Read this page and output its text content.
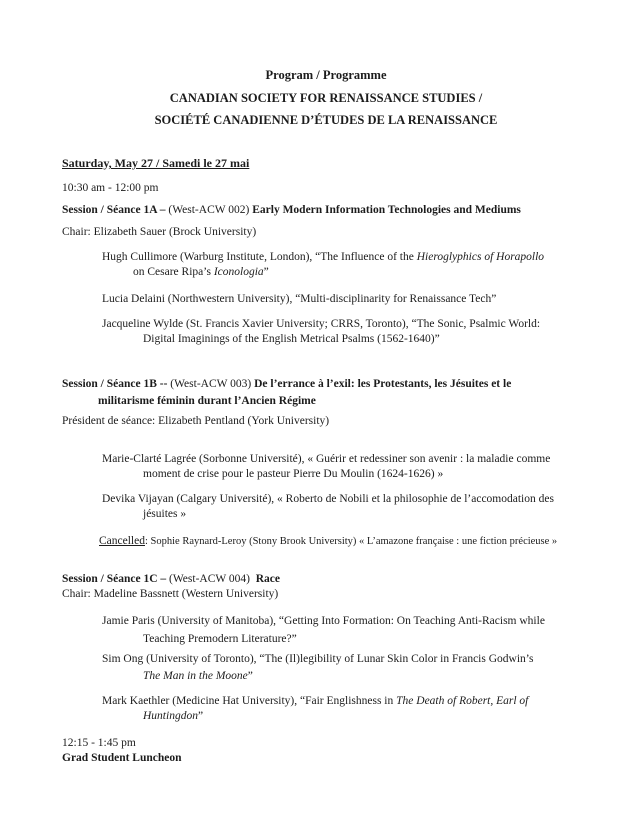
Program / Programme
CANADIAN SOCIETY FOR RENAISSANCE STUDIES /
SOCIÉTÉ CANADIENNE D’ÉTUDES DE LA RENAISSANCE
Saturday, May 27 / Samedi le 27 mai
10:30 am - 12:00 pm
Session / Séance 1A – (West-ACW 002) Early Modern Information Technologies and Mediums
Chair: Elizabeth Sauer (Brock University)
Hugh Cullimore (Warburg Institute, London), “The Influence of the Hieroglyphics of Horapollo
on Cesare Ripa’s Iconologia”
Lucia Delaini (Northwestern University), “Multi-disciplinarity for Renaissance Tech”
Jacqueline Wylde (St. Francis Xavier University; CRRS, Toronto), “The Sonic, Psalmic World:
Digital Imaginings of the English Metrical Psalms (1562-1640)”
Session / Séance 1B -- (West-ACW 003) De l’errance à l’exil: les Protestants, les Jésuites et le
militarisme féminin durant l’Ancien Régime
Président de séance: Elizabeth Pentland (York University)
Marie-Clarté Lagrée (Sorbonne Université), « Guérir et redessiner son avenir : la maladie comme
moment de crise pour le pasteur Pierre Du Moulin (1624-1626) »
Devika Vijayan (Calgary Université), « Roberto de Nobili et la philosophie de l’accomodation des
jésuites »
Cancelled: Sophie Raynard-Leroy (Stony Brook University) « L’amazone française : une fiction précieuse »
Session / Séance 1C – (West-ACW 004)  Race
Chair: Madeline Bassnett (Western University)
Jamie Paris (University of Manitoba), “Getting Into Formation: On Teaching Anti-Racism while
Teaching Premodern Literature?”
Sim Ong (University of Toronto), “The (Il)legibility of Lunar Skin Color in Francis Godwin’s
The Man in the Moone”
Mark Kaethler (Medicine Hat University), “Fair Englishness in The Death of Robert, Earl of
Huntingdon”
12:15 - 1:45 pm
Grad Student Luncheon
